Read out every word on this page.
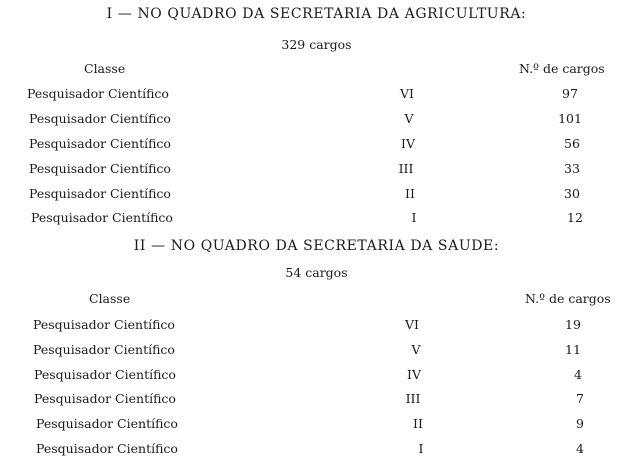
I — NO QUADRO DA SECRETARIA DA AGRICULTURA:
329 cargos
Classe	N.º de cargos
Pesquisador Científico	VI	97
Pesquisador Científico	V	101
Pesquisador Científico	IV	56
Pesquisador Científico	III	33
Pesquisador Científico	II	30
Pesquisador Científico	I	12
II — NO QUADRO DA SECRETARIA DA SAUDE:
54 cargos
Classe	N.º de cargos
Pesquisador Científico	VI	19
Pesquisador Científico	V	11
Pesquisador Científico	IV	4
Pesquisador Científico	III	7
Pesquisador Científico	II	9
Pesquisador Científico	I	4
